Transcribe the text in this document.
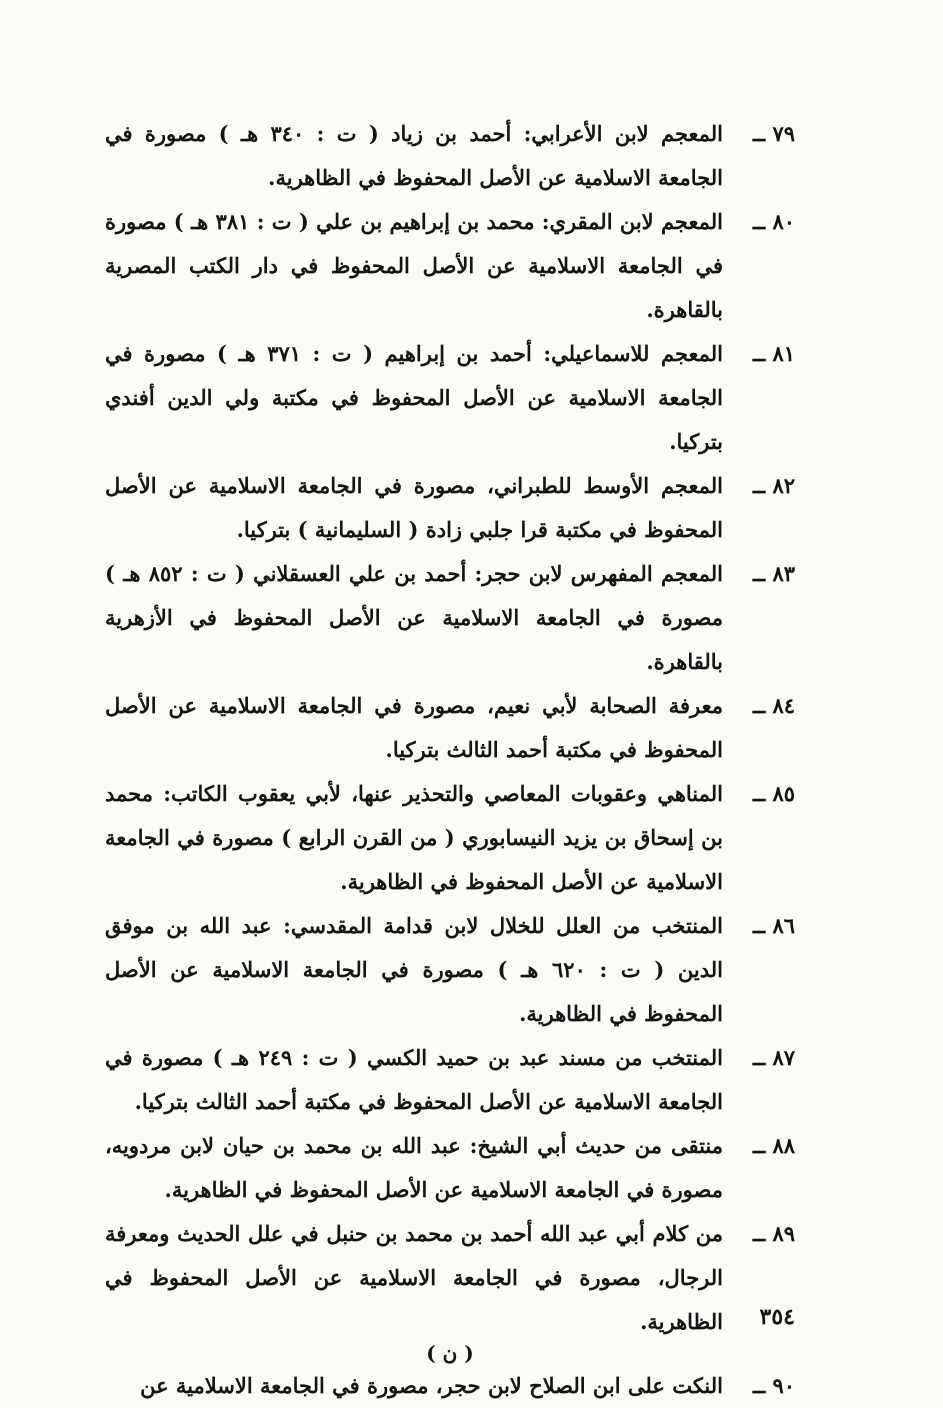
٧٩ ــ
المعجم لابن الأعرابي: أحمد بن زياد ( ت : ٣٤٠ هـ ) مصورة في الجامعة الاسلامية عن الأصل المحفوظ في الظاهرية.
٨٠ ــ
المعجم لابن المقري: محمد بن إبراهيم بن علي ( ت : ٣٨١ هـ ) مصورة في الجامعة الاسلامية عن الأصل المحفوظ في دار الكتب المصرية بالقاهرة.
٨١ ــ
المعجم للاسماعيلي: أحمد بن إبراهيم ( ت : ٣٧١ هـ ) مصورة في الجامعة الاسلامية عن الأصل المحفوظ في مكتبة ولي الدين أفندي بتركيا.
٨٢ ــ
المعجم الأوسط للطبراني، مصورة في الجامعة الاسلامية عن الأصل المحفوظ في مكتبة قرا جلبي زادة ( السليمانية ) بتركيا.
٨٣ ــ
المعجم المفهرس لابن حجر: أحمد بن علي العسقلاني ( ت : ٨٥٢ هـ ) مصورة في الجامعة الاسلامية عن الأصل المحفوظ في الأزهرية بالقاهرة.
٨٤ ــ
معرفة الصحابة لأبي نعيم، مصورة في الجامعة الاسلامية عن الأصل المحفوظ في مكتبة أحمد الثالث بتركيا.
٨٥ ــ
المناهي وعقوبات المعاصي والتحذير عنها، لأبي يعقوب الكاتب: محمد بن إسحاق بن يزيد النيسابوري ( من القرن الرابع ) مصورة في الجامعة الاسلامية عن الأصل المحفوظ في الظاهرية.
٨٦ ــ
المنتخب من العلل للخلال لابن قدامة المقدسي: عبد الله بن موفق الدين ( ت : ٦٢٠ هـ ) مصورة في الجامعة الاسلامية عن الأصل المحفوظ في الظاهرية.
٨٧ ــ
المنتخب من مسند عبد بن حميد الكسي ( ت : ٢٤٩ هـ ) مصورة في الجامعة الاسلامية عن الأصل المحفوظ في مكتبة أحمد الثالث بتركيا.
٨٨ ــ
منتقى من حديث أبي الشيخ: عبد الله بن محمد بن حيان لابن مردويه، مصورة في الجامعة الاسلامية عن الأصل المحفوظ في الظاهرية.
٨٩ ــ
من كلام أبي عبد الله أحمد بن محمد بن حنبل في علل الحديث ومعرفة الرجال، مصورة في الجامعة الاسلامية عن الأصل المحفوظ في الظاهرية.
( ن )
٩٠ ــ
النكت على ابن الصلاح لابن حجر، مصورة في الجامعة الاسلامية عن
٣٥٤
